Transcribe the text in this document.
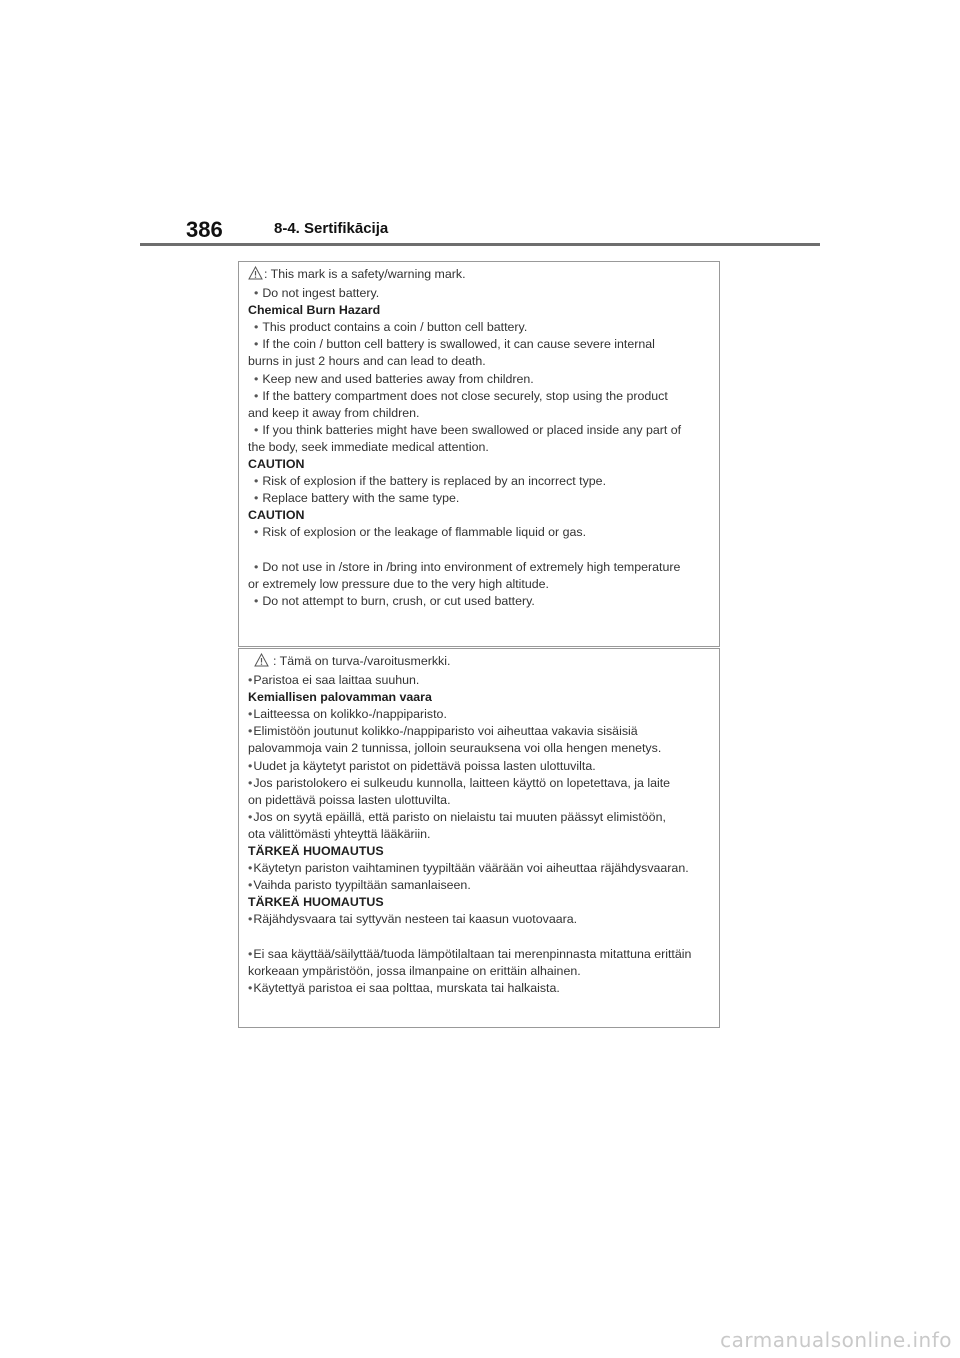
386	8-4. Sertifikācija
: This mark is a safety/warning mark.
• Do not ingest battery.
Chemical Burn Hazard
• This product contains a coin / button cell battery.
• If the coin / button cell battery is swallowed, it can cause severe internal
burns in just 2 hours and can lead to death.
• Keep new and used batteries away from children.
• If the battery compartment does not close securely, stop using the product
and keep it away from children.
• If you think batteries might have been swallowed or placed inside any part of
the body, seek immediate medical attention.
CAUTION
• Risk of explosion if the battery is replaced by an incorrect type.
• Replace battery with the same type.
CAUTION
• Risk of explosion or the leakage of flammable liquid or gas.
• Do not use in /store in /bring into environment of extremely high temperature
or extremely low pressure due to the very high altitude.
• Do not attempt to burn, crush, or cut used battery.
: Tämä on turva-/varoitusmerkki.
•Paristoa ei saa laittaa suuhun.
Kemiallisen palovamman vaara
•Laitteessa on kolikko-/nappiparisto.
•Elimistöön joutunut kolikko-/nappiparisto voi aiheuttaa vakavia sisäisiä
palovammoja vain 2 tunnissa, jolloin seurauksena voi olla hengen menetys.
•Uudet ja käytetyt paristot on pidettävä poissa lasten ulottuvilta.
•Jos paristolokero ei sulkeudu kunnolla, laitteen käyttö on lopetettava, ja laite
on pidettävä poissa lasten ulottuvilta.
•Jos on syytä epäillä, että paristo on nielaistu tai muuten päässyt elimistöön,
ota välittömästi yhteyttä lääkäriin.
TÄRKEÄ HUOMAUTUS
•Käytetyn pariston vaihtaminen tyypiltään väärään voi aiheuttaa räjähdysvaaran.
•Vaihda paristo tyypiltään samanlaiseen.
TÄRKEÄ HUOMAUTUS
•Räjähdysvaara tai syttyvän nesteen tai kaasun vuotovaara.
•Ei saa käyttää/säilyttää/tuoda lämpötilaltaan tai merenpinnasta mitattuna erittäin
korkeaan ympäristöön, jossa ilmanpaine on erittäin alhainen.
•Käytettyä paristoa ei saa polttaa, murskata tai halkaista.
carmanualsonline.info
